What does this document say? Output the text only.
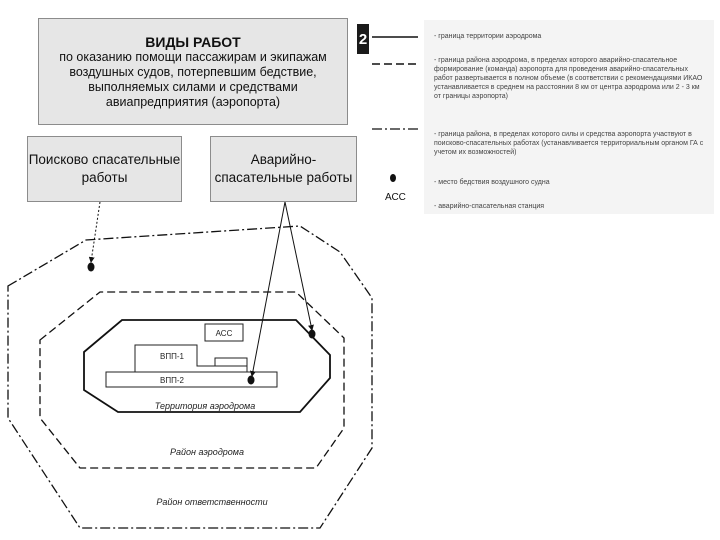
АСС
ВПП-1
ВПП-2
Территория аэродрома
Район аэродрома
Район ответственности
ВИДЫ РАБОТ
по оказанию помощи пассажирам и экипажам воздушных судов, потерпевшим бедствие, выполняемых силами и средствами авиапредприятия (аэропорта)
2
Поисково спасательные работы
Аварийно-спасательные работы

- граница территории аэродрома

- граница района аэродрома, в пределах которого аварийно-спасательное формирование (команда) аэропорта для проведения аварийно-спасательных работ развертывается в полном объеме (в соответствии с рекомендациями ИКАО устанавливается в среднем на расстоянии 8 км от центра аэродрома или 2 - 3 км от границы аэропорта)

- граница района, в пределах которого силы и средства аэропорта участвуют в поисково-спасательных работах (устанавливается территориальным органом ГА с учетом их возможностей)

- место бедствия воздушного судна

- аварийно-спасательная станция

АСС
